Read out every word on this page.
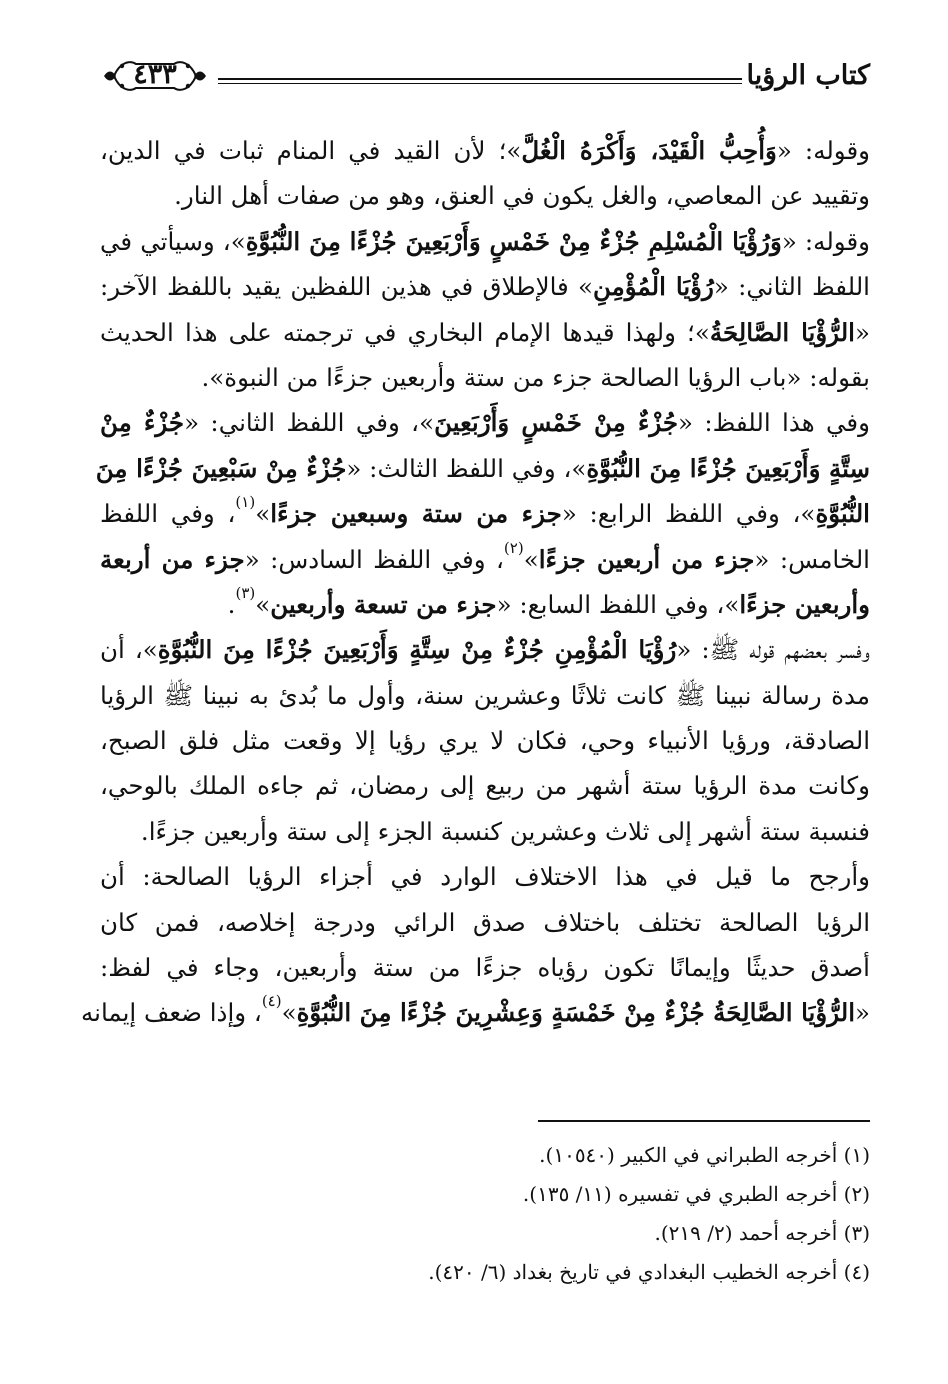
كتاب الرؤيا
٤٣٣
وقوله: «وَأُحِبُّ الْقَيْدَ، وَأَكْرَهُ الْغُلَّ»؛ لأن القيد في المنام ثبات في الدين،
وتقييد عن المعاصي، والغل يكون في العنق، وهو من صفات أهل النار.
وقوله: «وَرُؤْيَا الْمُسْلِمِ جُزْءٌ مِنْ خَمْسٍ وَأَرْبَعِينَ جُزْءًا مِنَ النُّبُوَّةِ»، وسيأتي في
اللفظ الثاني: «رُؤْيَا الْمُؤْمِنِ» فالإطلاق في هذين اللفظين يقيد باللفظ الآخر:
«الرُّؤْيَا الصَّالِحَةُ»؛ ولهذا قيدها الإمام البخاري في ترجمته على هذا الحديث
بقوله: «باب الرؤيا الصالحة جزء من ستة وأربعين جزءًا من النبوة».
وفي هذا اللفظ: «جُزْءٌ مِنْ خَمْسٍ وَأَرْبَعِينَ»، وفي اللفظ الثاني: «جُزْءٌ مِنْ
سِتَّةٍ وَأَرْبَعِينَ جُزْءًا مِنَ النُّبُوَّةِ»، وفي اللفظ الثالث: «جُزْءٌ مِنْ سَبْعِينَ جُزْءًا مِنَ
النُّبُوَّةِ»، وفي اللفظ الرابع: «جزء من ستة وسبعين جزءًا»$^{(١)}$، وفي اللفظ
الخامس: «جزء من أربعين جزءًا»$^{(٢)}$، وفي اللفظ السادس: «جزء من أربعة
وأربعين جزءًا»، وفي اللفظ السابع: «جزء من تسعة وأربعين»$^{(٣)}$.
وفسر بعضهم قوله ﷺ: «رُؤْيَا الْمُؤْمِنِ جُزْءٌ مِنْ سِتَّةٍ وَأَرْبَعِينَ جُزْءًا مِنَ النُّبُوَّةِ»، أن
مدة رسالة نبينا ﷺ كانت ثلاثًا وعشرين سنة، وأول ما بُدئ به نبينا ﷺ الرؤيا
الصادقة، ورؤيا الأنبياء وحي، فكان لا يري رؤيا إلا وقعت مثل فلق الصبح،
وكانت مدة الرؤيا ستة أشهر من ربيع إلى رمضان، ثم جاءه الملك بالوحي،
فنسبة ستة أشهر إلى ثلاث وعشرين كنسبة الجزء إلى ستة وأربعين جزءًا.
وأرجح ما قيل في هذا الاختلاف الوارد في أجزاء الرؤيا الصالحة: أن
الرؤيا الصالحة تختلف باختلاف صدق الرائي ودرجة إخلاصه، فمن كان
أصدق حديثًا وإيمانًا تكون رؤياه جزءًا من ستة وأربعين، وجاء في لفظ:
«الرُّؤْيَا الصَّالِحَةُ جُزْءٌ مِنْ خَمْسَةٍ وَعِشْرِينَ جُزْءًا مِنَ النُّبُوَّةِ»$^{(٤)}$، وإذا ضعف إيمانه
(١) أخرجه الطبراني في الكبير (١٠٥٤٠).
(٢) أخرجه الطبري في تفسيره (١١/ ١٣٥).
(٣) أخرجه أحمد (٢/ ٢١٩).
(٤) أخرجه الخطيب البغدادي في تاريخ بغداد (٦/ ٤٢٠).
